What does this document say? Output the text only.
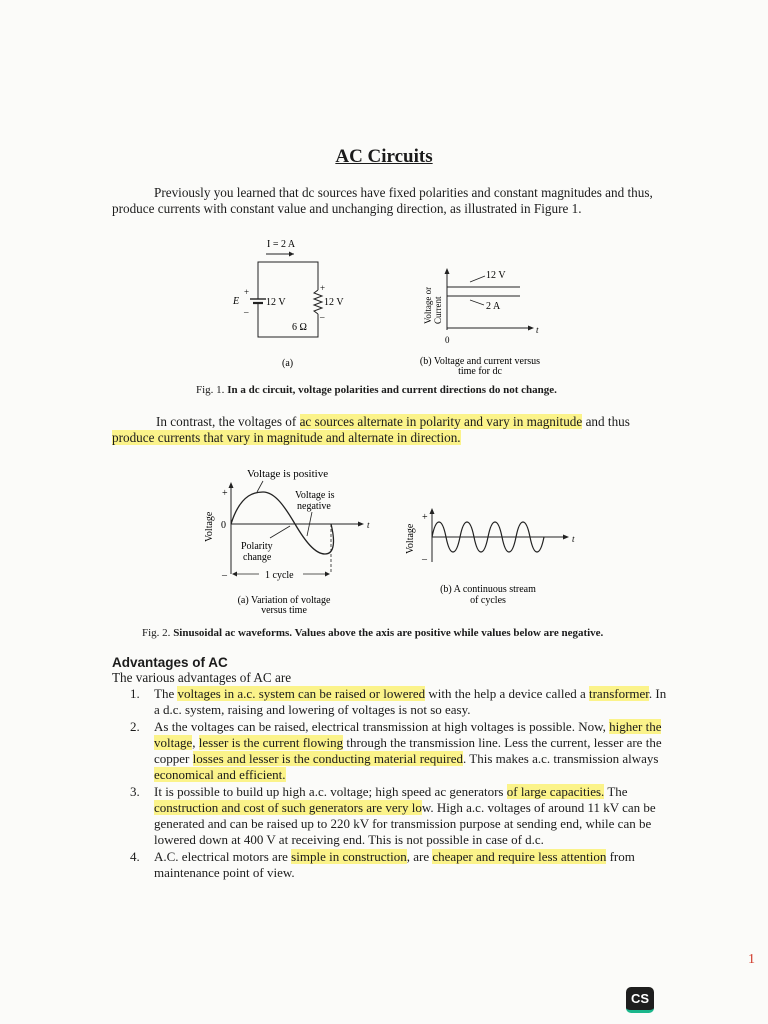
AC Circuits
Previously you learned that dc sources have fixed polarities and constant magnitudes and thus, produce currents with constant value and unchanging direction, as illustrated in Figure 1.
I = 2 A
E
+
–
12 V
+
12 V
–
6 Ω
(a)
Voltage or Current
12 V
2 A
0
t
(b) Voltage and current versus
time for dc
Fig. 1. In a dc circuit, voltage polarities and current directions do not change.
In contrast, the voltages of ac sources alternate in polarity and vary in magnitude and thus produce currents that vary in magnitude and alternate in direction.
Voltage is positive
Voltage is
negative
Voltage
+
0
–
t
Polarity
change
1 cycle
(a) Variation of voltage
versus time
Voltage
+
–
t
(b) A continuous stream
of cycles
Fig. 2. Sinusoidal ac waveforms. Values above the axis are positive while values below are negative.
Advantages of AC
The various advantages of AC are
1. The voltages in a.c. system can be raised or lowered with the help a device called a transformer. In a d.c. system, raising and lowering of voltages is not so easy.
2. As the voltages can be raised, electrical transmission at high voltages is possible. Now, higher the voltage, lesser is the current flowing through the transmission line. Less the current, lesser are the copper losses and lesser is the conducting material required. This makes a.c. transmission always economical and efficient.
3. It is possible to build up high a.c. voltage; high speed ac generators of large capacities. The construction and cost of such generators are very low. High a.c. voltages of around 11 kV can be generated and can be raised up to 220 kV for transmission purpose at sending end, while can be lowered down at 400 V at receiving end. This is not possible in case of d.c.
4. A.C. electrical motors are simple in construction, are cheaper and require less attention from maintenance point of view.
1
CS
